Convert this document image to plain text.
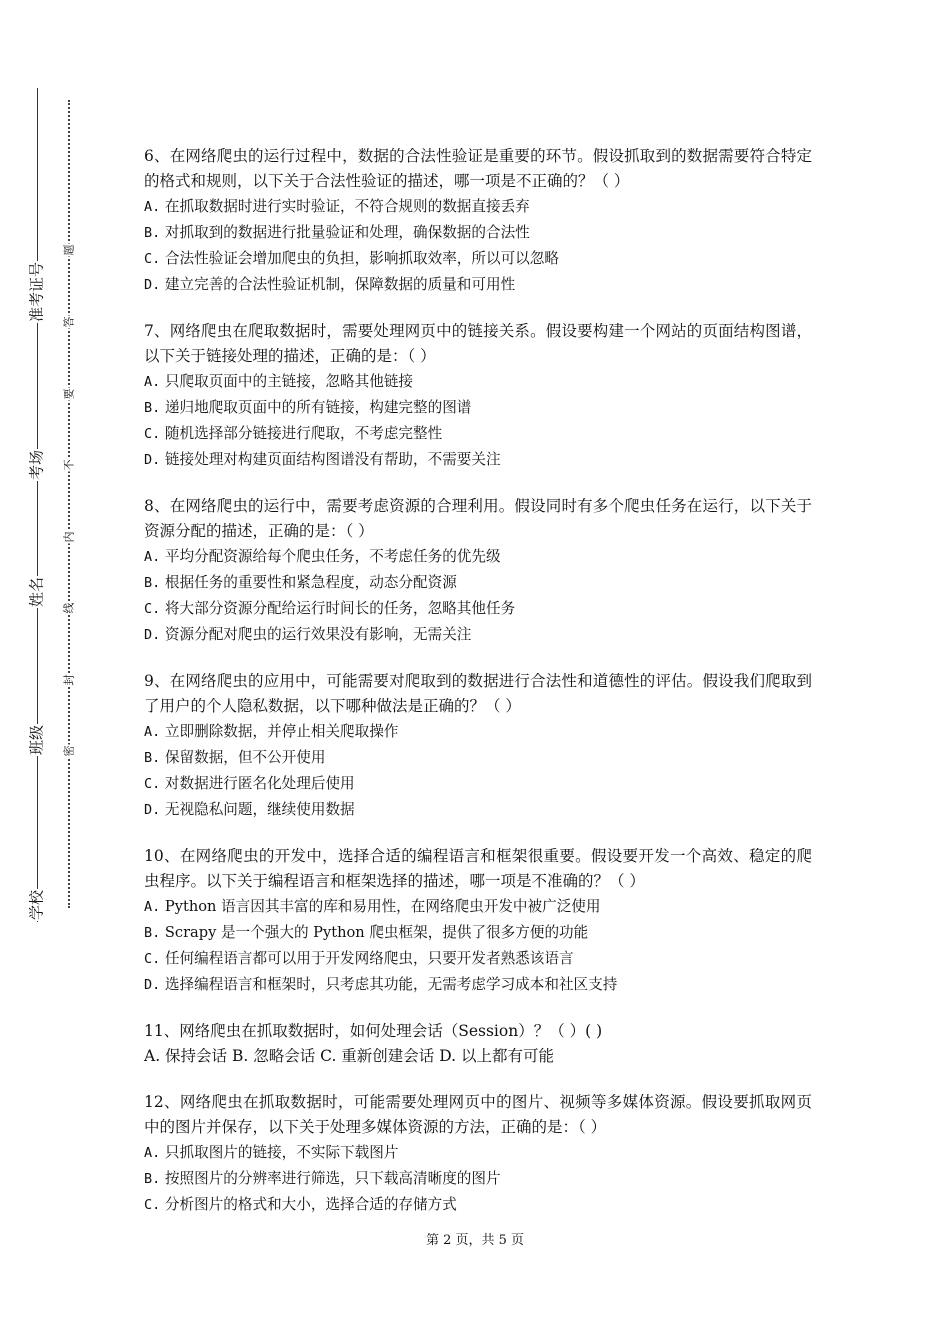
准考证号
考场
姓名
班级
学校
题
答
要
不
内
线
封
密

6、在网络爬虫的运行过程中，数据的合法性验证是重要的环节。假设抓取到的数据需要符合特定的格式和规则，以下关于合法性验证的描述，哪一项是不正确的？（ ）

A. 在抓取数据时进行实时验证，不符合规则的数据直接丢弃

B. 对抓取到的数据进行批量验证和处理，确保数据的合法性

C. 合法性验证会增加爬虫的负担，影响抓取效率，所以可以忽略

D. 建立完善的合法性验证机制，保障数据的质量和可用性

7、网络爬虫在爬取数据时，需要处理网页中的链接关系。假设要构建一个网站的页面结构图谱，以下关于链接处理的描述，正确的是：（ ）

A. 只爬取页面中的主链接，忽略其他链接

B. 递归地爬取页面中的所有链接，构建完整的图谱

C. 随机选择部分链接进行爬取，不考虑完整性

D. 链接处理对构建页面结构图谱没有帮助，不需要关注

8、在网络爬虫的运行中，需要考虑资源的合理利用。假设同时有多个爬虫任务在运行，以下关于资源分配的描述，正确的是：（ ）

A. 平均分配资源给每个爬虫任务，不考虑任务的优先级

B. 根据任务的重要性和紧急程度，动态分配资源

C. 将大部分资源分配给运行时间长的任务，忽略其他任务

D. 资源分配对爬虫的运行效果没有影响，无需关注

9、在网络爬虫的应用中，可能需要对爬取到的数据进行合法性和道德性的评估。假设我们爬取到了用户的个人隐私数据，以下哪种做法是正确的？（ ）

A. 立即删除数据，并停止相关爬取操作

B. 保留数据，但不公开使用

C. 对数据进行匿名化处理后使用

D. 无视隐私问题，继续使用数据

10、在网络爬虫的开发中，选择合适的编程语言和框架很重要。假设要开发一个高效、稳定的爬虫程序。以下关于编程语言和框架选择的描述，哪一项是不准确的？（ ）

A. Python 语言因其丰富的库和易用性，在网络爬虫开发中被广泛使用

B. Scrapy 是一个强大的 Python 爬虫框架，提供了很多方便的功能

C. 任何编程语言都可以用于开发网络爬虫，只要开发者熟悉该语言

D. 选择编程语言和框架时，只考虑其功能，无需考虑学习成本和社区支持

11、网络爬虫在抓取数据时，如何处理会话（Session）？（ ）( )

A. 保持会话 B. 忽略会话 C. 重新创建会话 D. 以上都有可能

12、网络爬虫在抓取数据时，可能需要处理网页中的图片、视频等多媒体资源。假设要抓取网页中的图片并保存，以下关于处理多媒体资源的方法，正确的是：（ ）

A. 只抓取图片的链接，不实际下载图片

B. 按照图片的分辨率进行筛选，只下载高清晰度的图片

C. 分析图片的格式和大小，选择合适的存储方式

第 2 页，共 5 页
